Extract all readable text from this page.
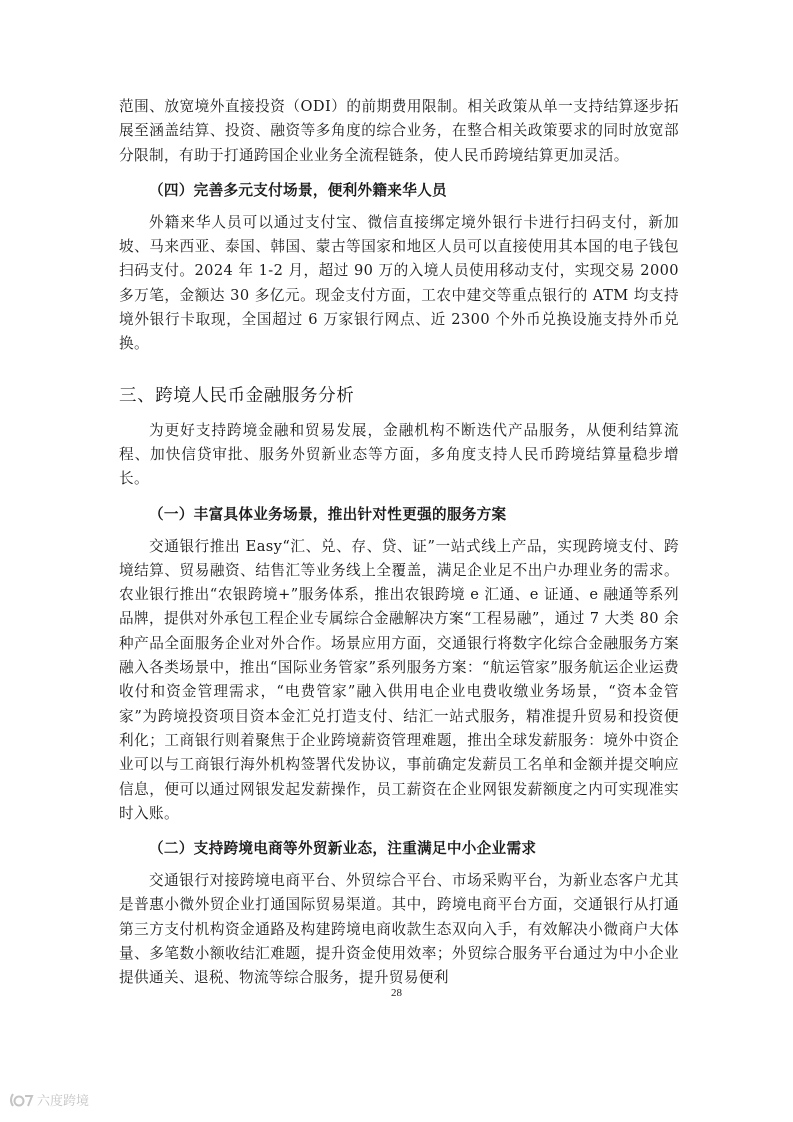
范围、放宽境外直接投资（ODI）的前期费用限制。相关政策从单一支持结算逐步拓展至涵盖结算、投资、融资等多角度的综合业务，在整合相关政策要求的同时放宽部分限制，有助于打通跨国企业业务全流程链条，使人民币跨境结算更加灵活。

（四）完善多元支付场景，便利外籍来华人员

外籍来华人员可以通过支付宝、微信直接绑定境外银行卡进行扫码支付，新加坡、马来西亚、泰国、韩国、蒙古等国家和地区人员可以直接使用其本国的电子钱包扫码支付。2024 年 1-2 月，超过 90 万的入境人员使用移动支付，实现交易 2000 多万笔，金额达 30 多亿元。现金支付方面，工农中建交等重点银行的 ATM 均支持境外银行卡取现，全国超过 6 万家银行网点、近 2300 个外币兑换设施支持外币兑换。

三、跨境人民币金融服务分析

为更好支持跨境金融和贸易发展，金融机构不断迭代产品服务，从便利结算流程、加快信贷审批、服务外贸新业态等方面，多角度支持人民币跨境结算量稳步增长。

（一）丰富具体业务场景，推出针对性更强的服务方案

交通银行推出 Easy“汇、兑、存、贷、证”一站式线上产品，实现跨境支付、跨境结算、贸易融资、结售汇等业务线上全覆盖，满足企业足不出户办理业务的需求。农业银行推出“农银跨境+”服务体系，推出农银跨境 e 汇通、e 证通、e 融通等系列品牌，提供对外承包工程企业专属综合金融解决方案“工程易融”，通过 7 大类 80 余种产品全面服务企业对外合作。场景应用方面，交通银行将数字化综合金融服务方案融入各类场景中，推出“国际业务管家”系列服务方案：“航运管家”服务航运企业运费收付和资金管理需求，“电费管家”融入供用电企业电费收缴业务场景，“资本金管家”为跨境投资项目资本金汇兑打造支付、结汇一站式服务，精准提升贸易和投资便利化；工商银行则着聚焦于企业跨境薪资管理难题，推出全球发薪服务：境外中资企业可以与工商银行海外机构签署代发协议，事前确定发薪员工名单和金额并提交响应信息，便可以通过网银发起发薪操作，员工薪资在企业网银发薪额度之内可实现准实时入账。

（二）支持跨境电商等外贸新业态，注重满足中小企业需求

交通银行对接跨境电商平台、外贸综合平台、市场采购平台，为新业态客户尤其是普惠小微外贸企业打通国际贸易渠道。其中，跨境电商平台方面，交通银行从打通第三方支付机构资金通路及构建跨境电商收款生态双向入手，有效解决小微商户大体量、多笔数小额收结汇难题，提升资金使用效率；外贸综合服务平台通过为中小企业提供通关、退税、物流等综合服务，提升贸易便利

28
六度跨境
